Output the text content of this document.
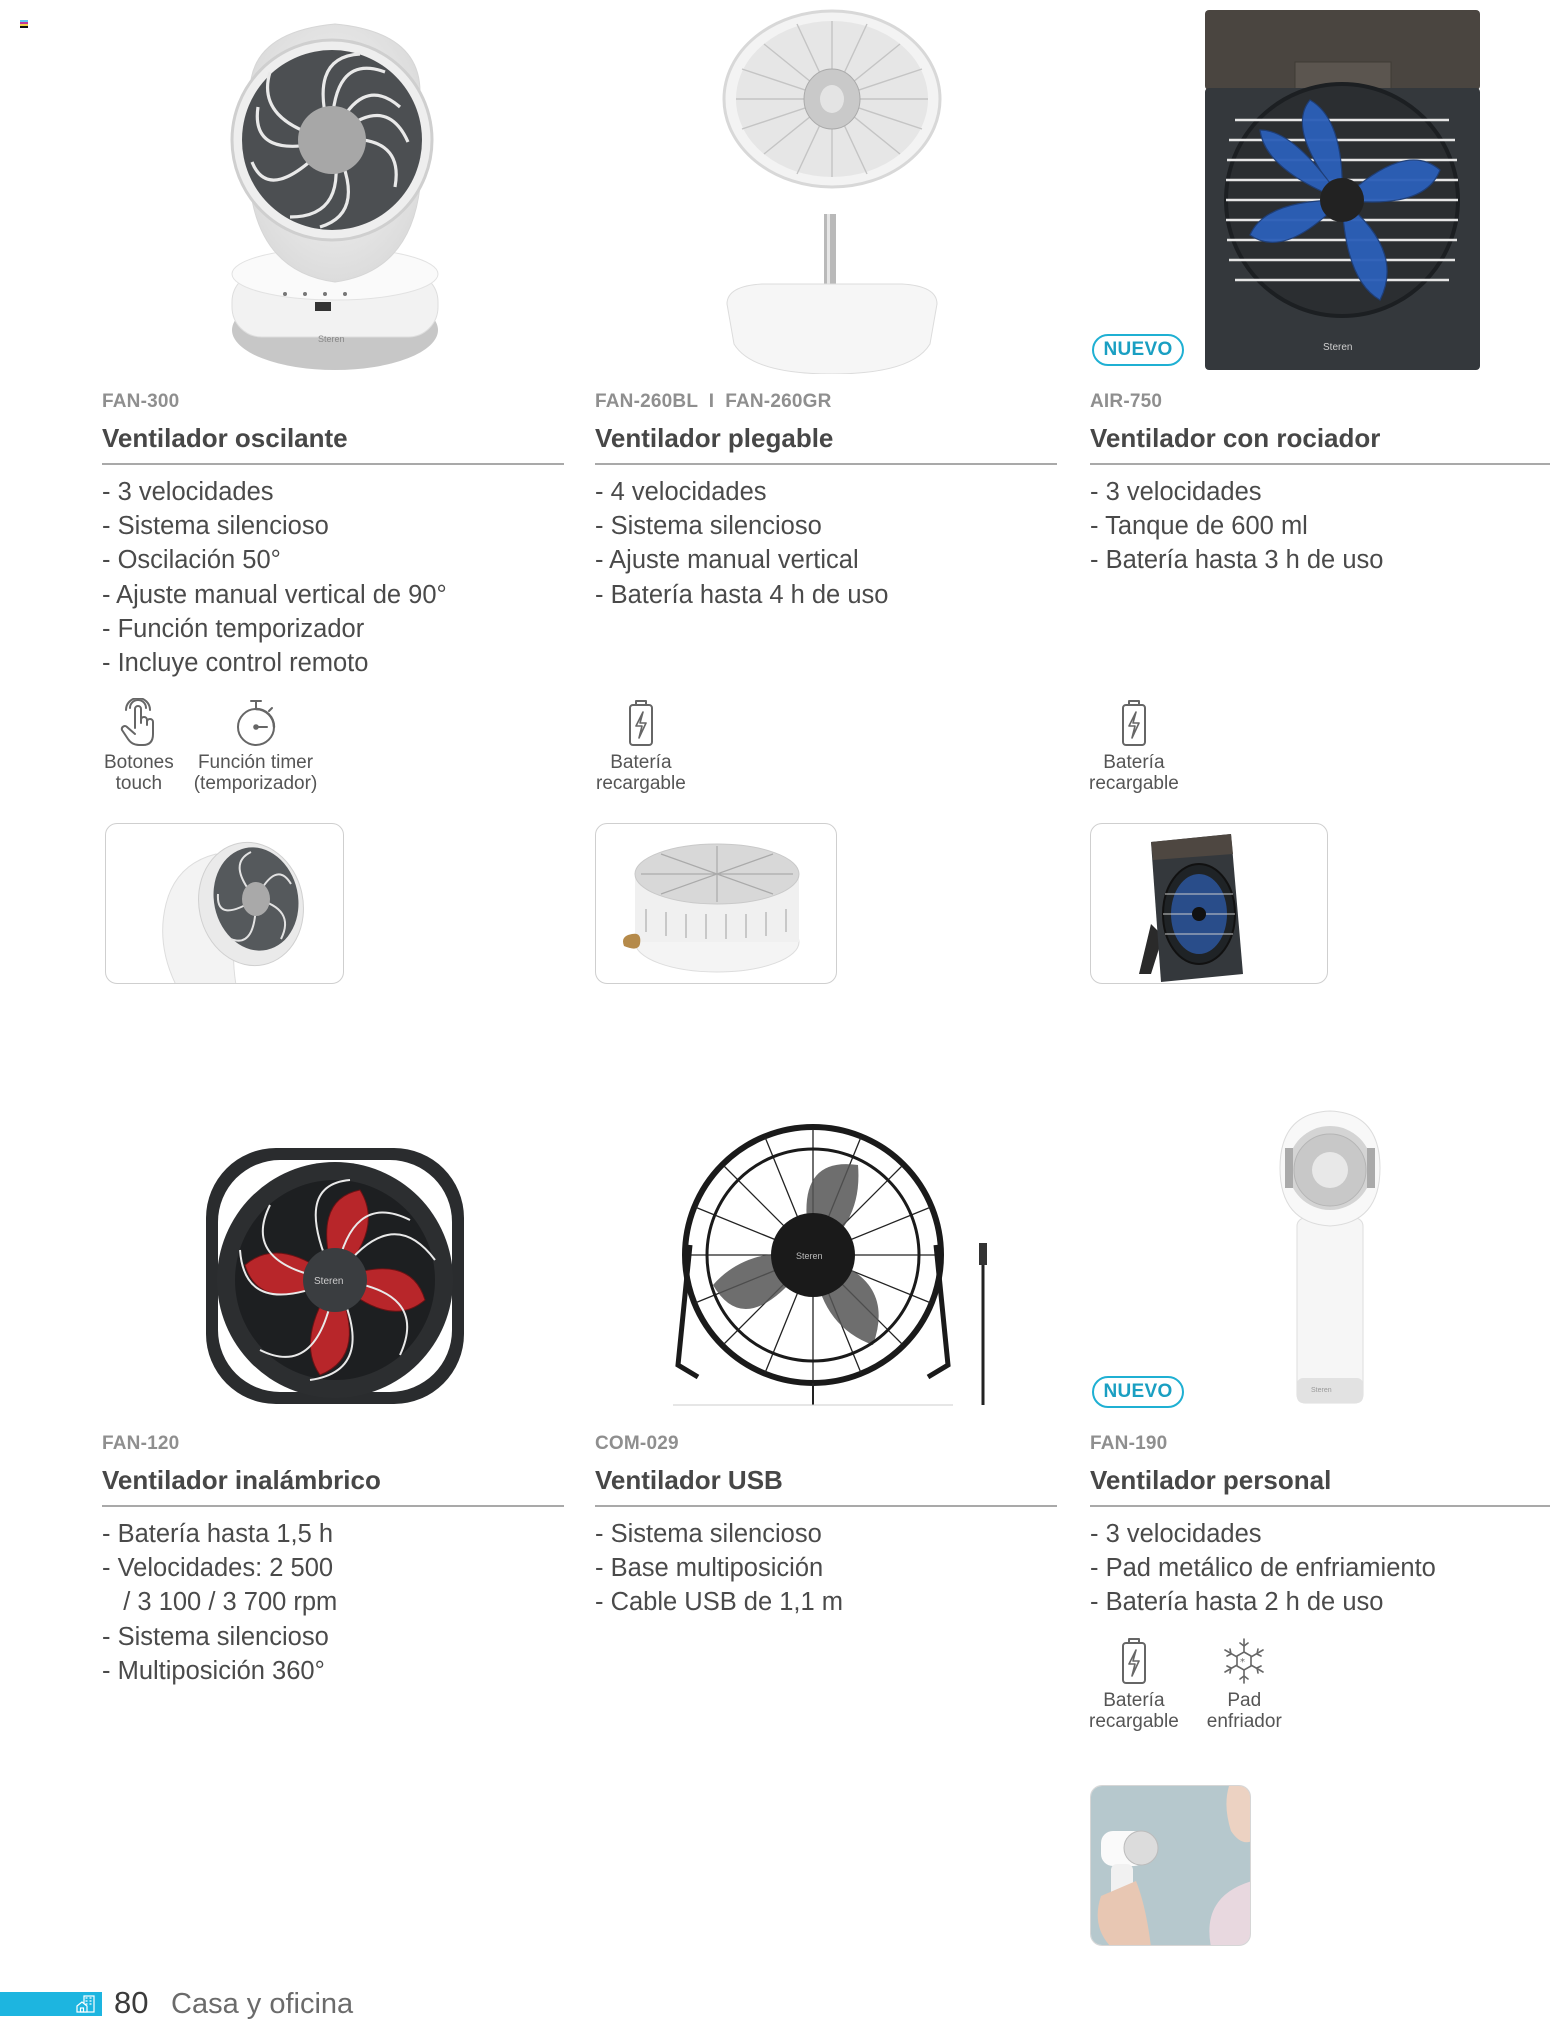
Steren
Steren
NUEVO
FAN-300
Ventilador oscilante
- 3 velocidades
- Sistema silencioso
- Oscilación 50°
- Ajuste manual vertical de 90°
- Función temporizador
- Incluye control remoto
FAN-260BL  I  FAN-260GR
Ventilador plegable
- 4 velocidades
- Sistema silencioso
- Ajuste manual vertical
- Batería hasta 4 h de uso
AIR-750
Ventilador con rociador
- 3 velocidades
- Tanque de 600 ml
- Batería hasta 3 h de uso
Botones
touch
Función timer
(temporizador)
Batería
recargable
Batería
recargable
Steren
Steren
Steren
NUEVO
FAN-120
Ventilador inalámbrico
- Batería hasta 1,5 h
- Velocidades: 2 500
/ 3 100 / 3 700 rpm
- Sistema silencioso
- Multiposición 360°
COM-029
Ventilador USB
- Sistema silencioso
- Base multiposición
- Cable USB de 1,1 m
FAN-190
Ventilador personal
- 3 velocidades
- Pad metálico de enfriamiento
- Batería hasta 2 h de uso
Batería
recargable
*
Pad
enfriador
80 Casa y oficina
